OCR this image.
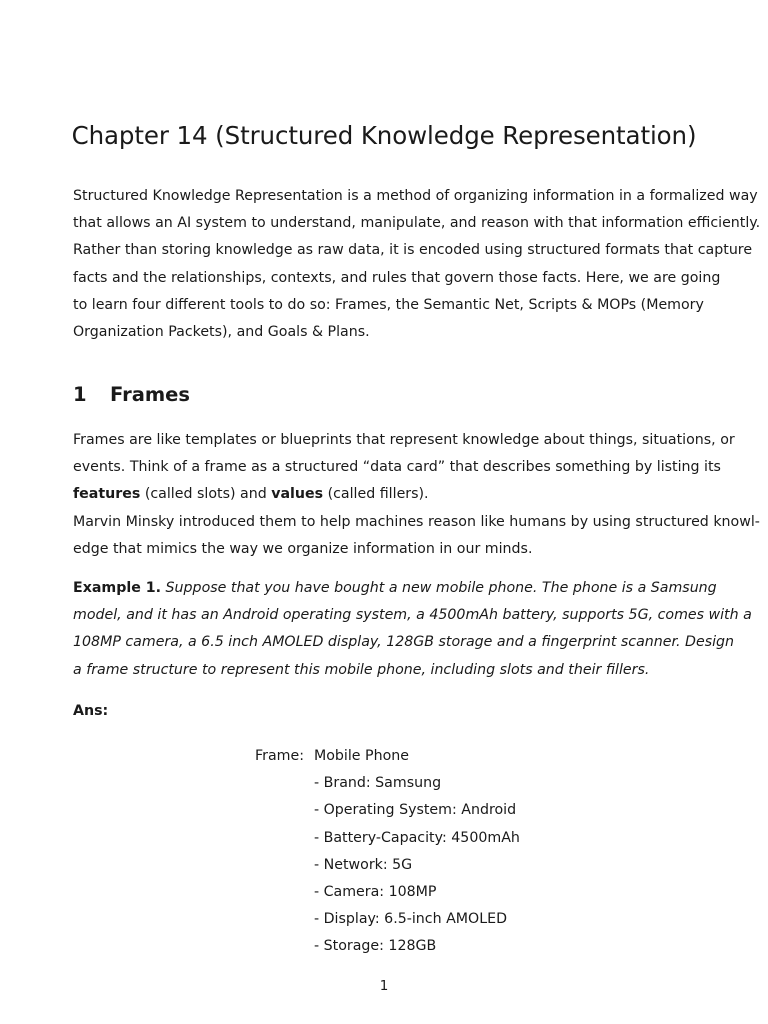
Chapter 14 (Structured Knowledge Representation)
Structured Knowledge Representation is a method of organizing information in a formalized way
that allows an AI system to understand, manipulate, and reason with that information efficiently.
Rather than storing knowledge as raw data, it is encoded using structured formats that capture
facts and the relationships, contexts, and rules that govern those facts. Here, we are going
to learn four different tools to do so: Frames, the Semantic Net, Scripts & MOPs (Memory
Organization Packets), and Goals & Plans.
1 Frames
Frames are like templates or blueprints that represent knowledge about things, situations, or
events. Think of a frame as a structured “data card” that describes something by listing its
features (called slots) and values (called fillers).
Marvin Minsky introduced them to help machines reason like humans by using structured knowl-
edge that mimics the way we organize information in our minds.
Example 1. Suppose that you have bought a new mobile phone. The phone is a Samsung
model, and it has an Android operating system, a 4500mAh battery, supports 5G, comes with a
108MP camera, a 6.5 inch AMOLED display, 128GB storage and a fingerprint scanner. Design
a frame structure to represent this mobile phone, including slots and their fillers.

Ans:

Frame: Mobile Phone
- Brand: Samsung
- Operating System: Android
- Battery-Capacity: 4500mAh
- Network: 5G
- Camera: 108MP
- Display: 6.5-inch AMOLED
- Storage: 128GB
1
